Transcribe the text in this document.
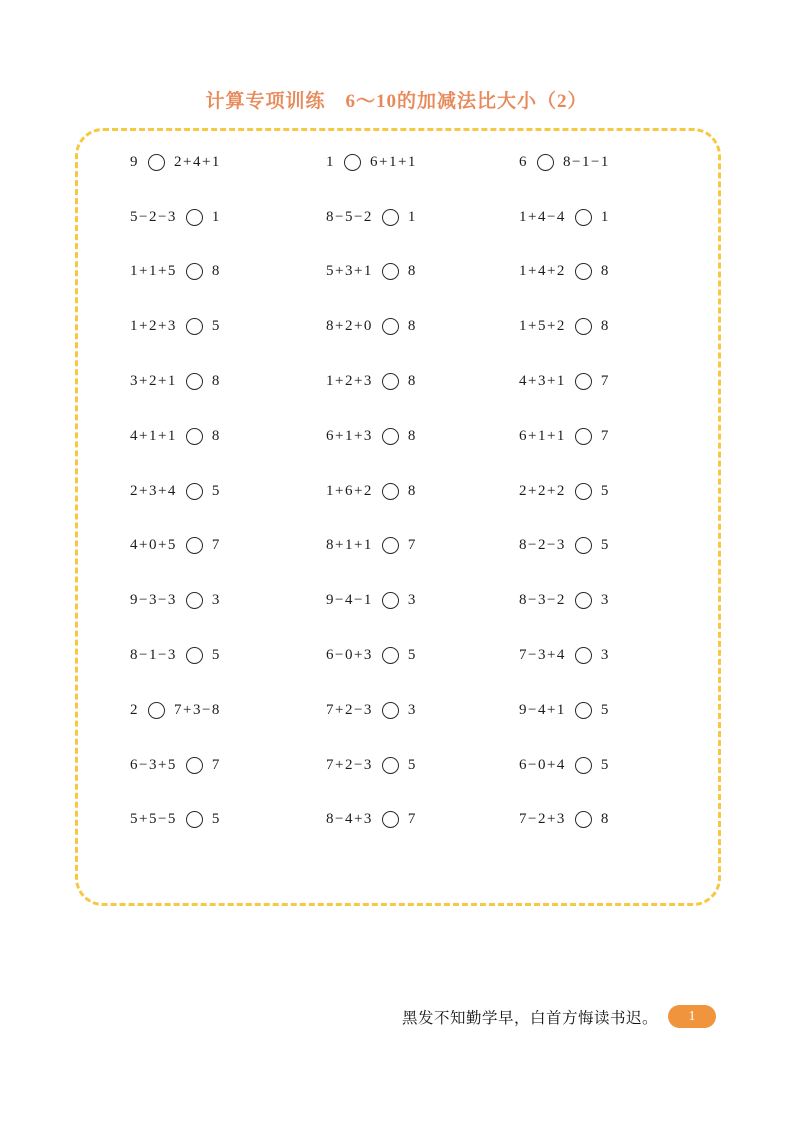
计算专项训练　6～10的加减法比大小（2）
9 2+4+1	1 6+1+1	6 8−1−1
5−2−3 1	8−5−2 1	1+4−4 1
1+1+5 8	5+3+1 8	1+4+2 8
1+2+3 5	8+2+0 8	1+5+2 8
3+2+1 8	1+2+3 8	4+3+1 7
4+1+1 8	6+1+3 8	6+1+1 7
2+3+4 5	1+6+2 8	2+2+2 5
4+0+5 7	8+1+1 7	8−2−3 5
9−3−3 3	9−4−1 3	8−3−2 3
8−1−3 5	6−0+3 5	7−3+4 3
2 7+3−8	7+2−3 3	9−4+1 5
6−3+5 7	7+2−3 5	6−0+4 5
5+5−5 5	8−4+3 7	7−2+3 8
黑发不知勤学早，白首方悔读书迟。	1
